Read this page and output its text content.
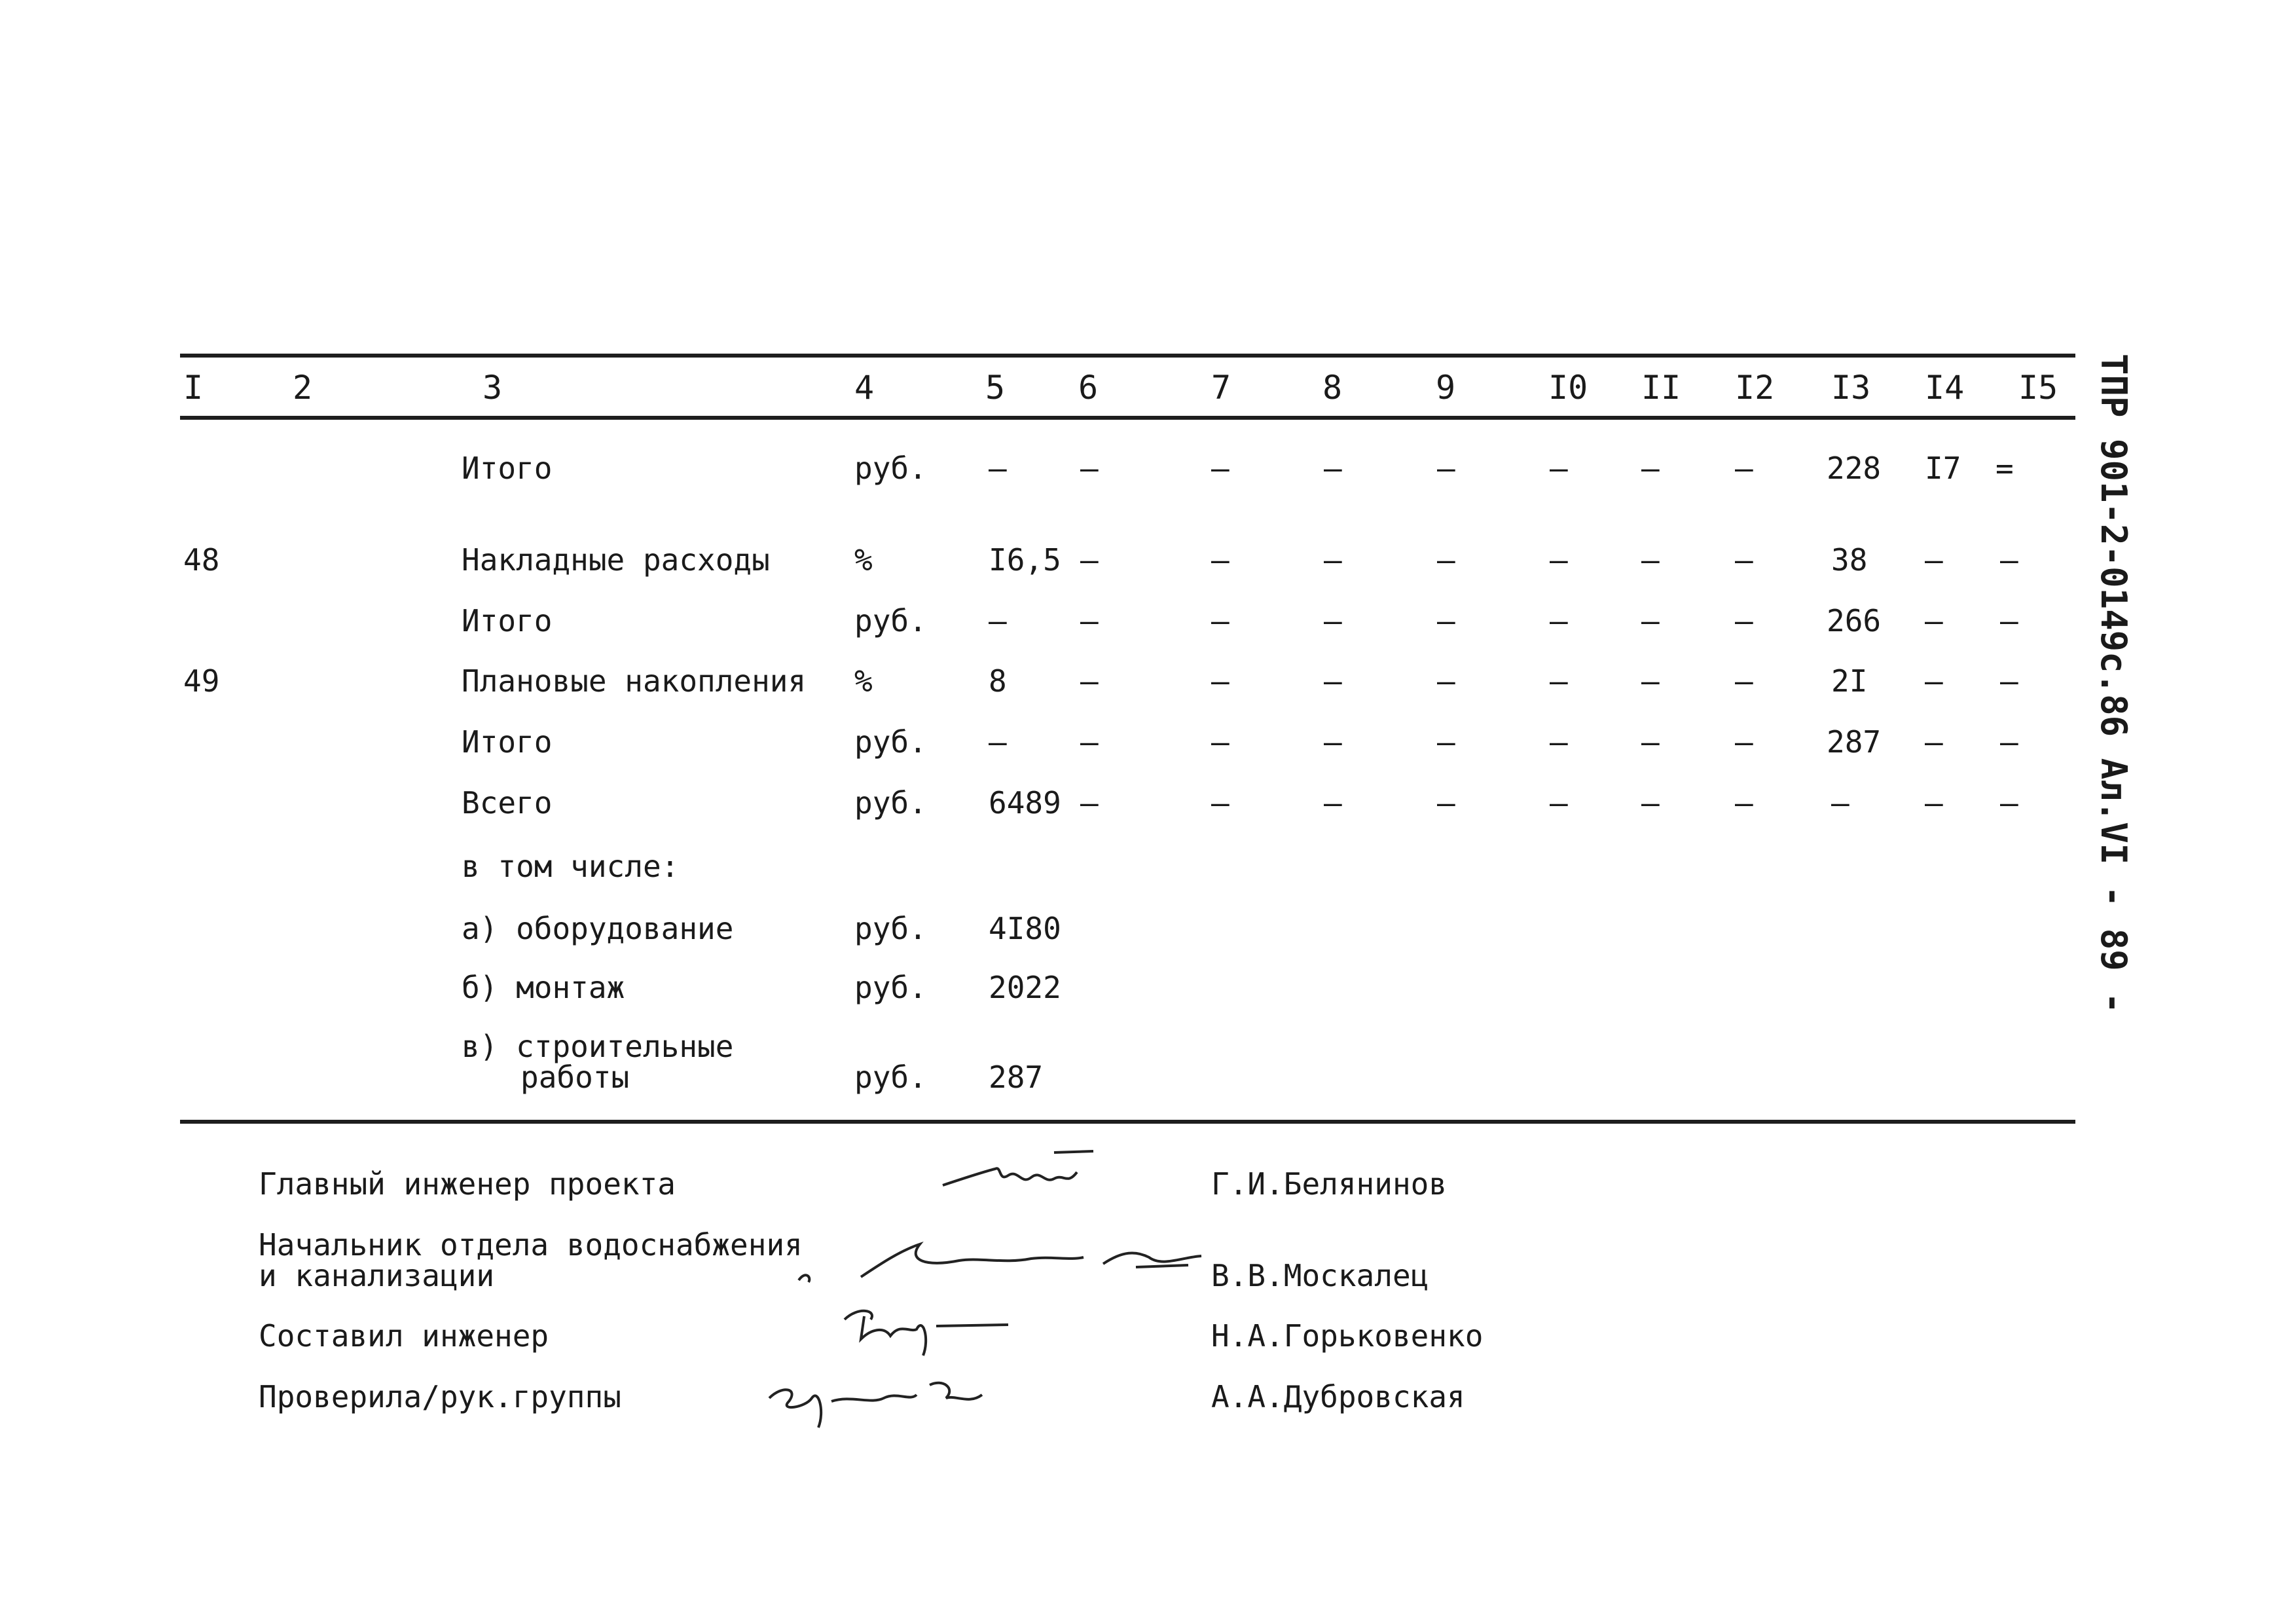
I	2	3	4	5 6	7	8	9	I0 II I2 I3 I4 I5
Итого	руб. – –	–	–	–	– –	– 228 I7 =
48	Накладные расходы	%	I6,5 –	–	–	–	– –	–	38 – –
Итого	руб. – –	–	–	–	– –	– 266 – –
49	Плановые накопления %	8 –	–	–	–	– –	–	2I – –
Итого	руб. – –	–	–	–	– –	– 287 – –
Всего	руб. 6489 –	–	–	–	– –	–	–	– –
в том числе:
а) оборудование	руб. 4I80
б) монтаж	руб. 2022
в) строительные
работы	руб. 287
ТПР 901-2-0149с.86 Ал.VI - 89 -
Главный инженер проекта	Г.И.Белянинов
Начальник отдела водоснабжения
и канализации	В.В.Москалец
Составил инженер	Н.А.Горьковенко
Проверила/рук.группы	А.А.Дубровская
